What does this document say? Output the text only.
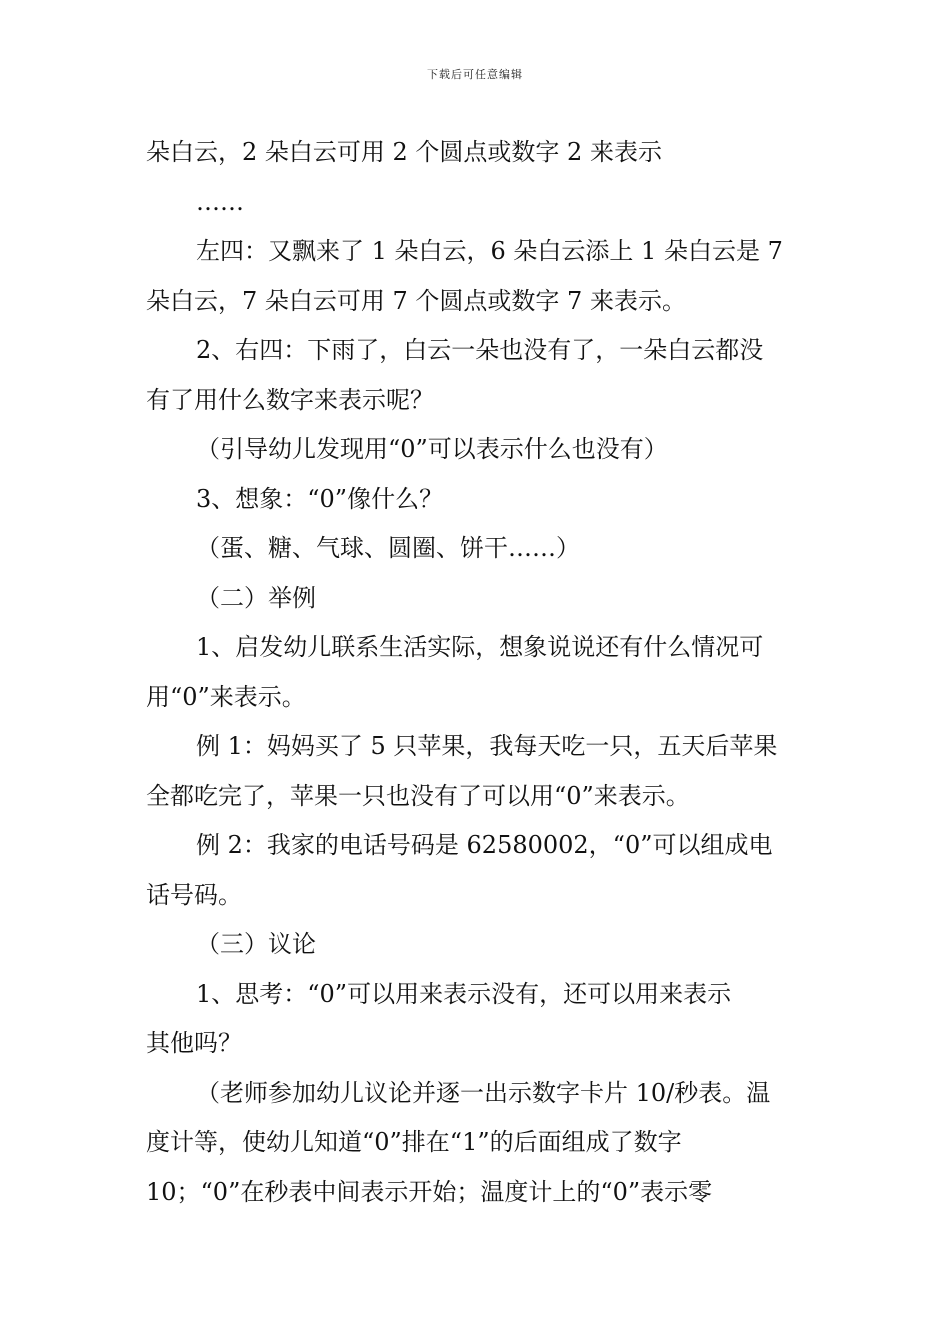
下载后可任意编辑
朵白云，2 朵白云可用 2 个圆点或数字 2 来表示
……
左四：又飘来了 1 朵白云，6 朵白云添上 1 朵白云是 7
朵白云，7 朵白云可用 7 个圆点或数字 7 来表示。
2、右四：下雨了，白云一朵也没有了，一朵白云都没
有了用什么数字来表示呢？
（引导幼儿发现用“0”可以表示什么也没有）
3、想象：“0”像什么？
（蛋、糖、气球、圆圈、饼干……）
（二）举例
1、启发幼儿联系生活实际，想象说说还有什么情况可
用“0”来表示。
例 1：妈妈买了 5 只苹果，我每天吃一只，五天后苹果
全都吃完了，苹果一只也没有了可以用“0”来表示。
例 2：我家的电话号码是 62580002，“0”可以组成电
话号码。
（三）议论
1、思考：“0”可以用来表示没有，还可以用来表示
其他吗？
（老师参加幼儿议论并逐一出示数字卡片 10/秒表。温
度计等，使幼儿知道“0”排在“1”的后面组成了数字
10；“0”在秒表中间表示开始；温度计上的“0”表示零
